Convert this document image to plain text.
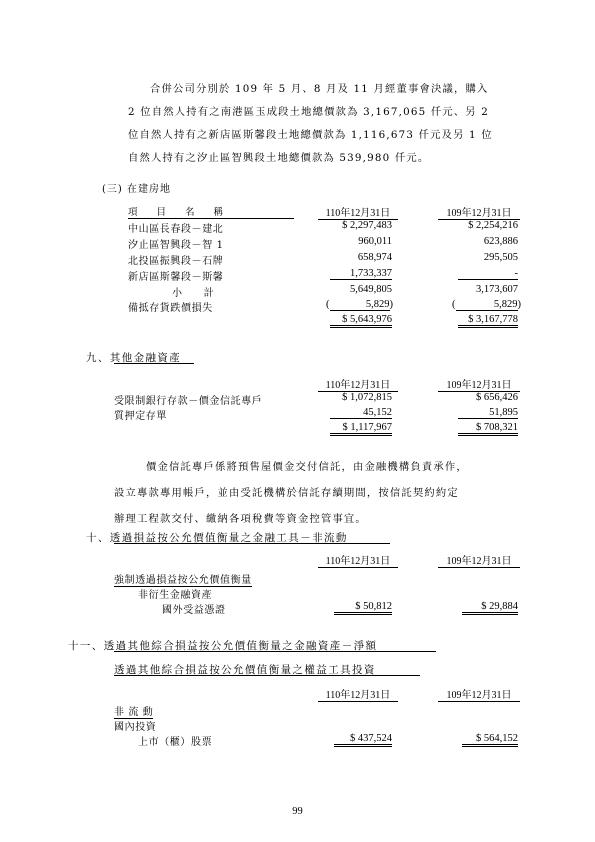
合併公司分別於 109 年 5 月、8 月及 11 月經董事會決議，購入
2 位自然人持有之南港區玉成段土地總價款為 3,167,065 仟元、另 2
位自然人持有之新店區斯馨段土地總價款為 1,116,673 仟元及另 1 位
自然人持有之汐止區智興段土地總價款為 539,980 仟元。
(三) 在建房地
項　　目　　名　　稱	110年12月31日	109年12月31日
中山區長春段－建北	$ 2,297,483	$ 2,254,216
汐止區智興段－智 1	960,011	623,886
北投區振興段－石牌	658,974	295,505
新店區斯馨段－斯馨	1,733,337	-
小　　計	5,649,805	3,173,607
備抵存貨跌價損失	(	5,829)	(	5,829)
$ 5,643,976	$ 3,167,778
九、其他金融資產
110年12月31日	109年12月31日
受限制銀行存款－價金信託專戶	$ 1,072,815	$ 656,426
質押定存單	45,152	51,895
$ 1,117,967	$ 708,321
價金信託專戶係將預售屋價金交付信託，由金融機構負責承作，
設立專款專用帳戶，並由受託機構於信託存續期間，按信託契約約定
辦理工程款交付、繳納各項稅費等資金控管事宜。
十、透過損益按公允價值衡量之金融工具－非流動
110年12月31日	109年12月31日
強制透過損益按公允價值衡量
非衍生金融資產
國外受益憑證	$ 50,812	$ 29,884
十一、透過其他綜合損益按公允價值衡量之金融資產－淨額
透過其他綜合損益按公允價值衡量之權益工具投資
110年12月31日	109年12月31日
非 流 動
國內投資
上市（櫃）股票	$ 437,524	$ 564,152
99
